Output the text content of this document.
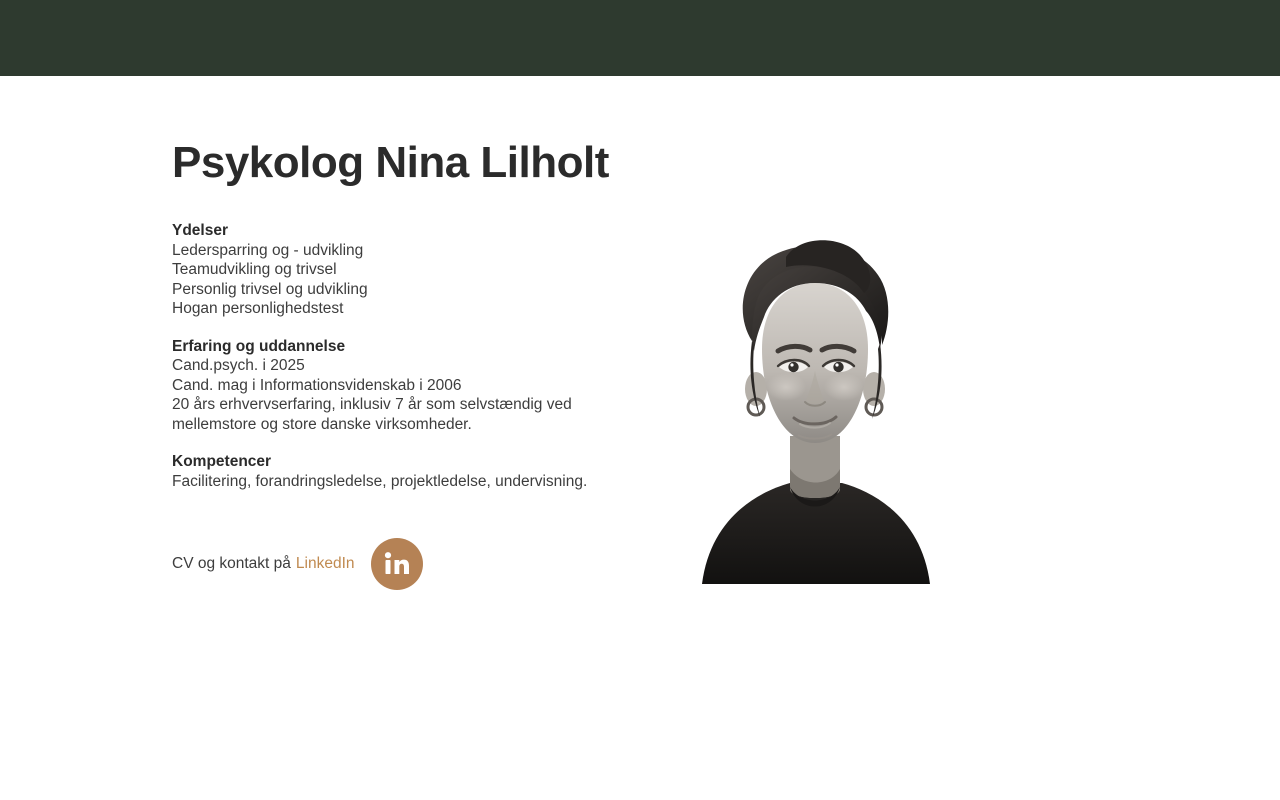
Psykolog Nina Lilholt

Ydelser

Ledersparring og - udvikling

Teamudvikling og trivsel

Personlig trivsel og udvikling

Hogan personlighedstest

Erfaring og uddannelse

Cand.psych. i 2025

Cand. mag i Informationsvidenskab i 2006

20 års erhvervserfaring, inklusiv 7 år som selvstændig ved mellemstore og store danske virksomheder.

Kompetencer

Facilitering, forandringsledelse, projektledelse, undervisning.

CV og kontakt på LinkedIn
